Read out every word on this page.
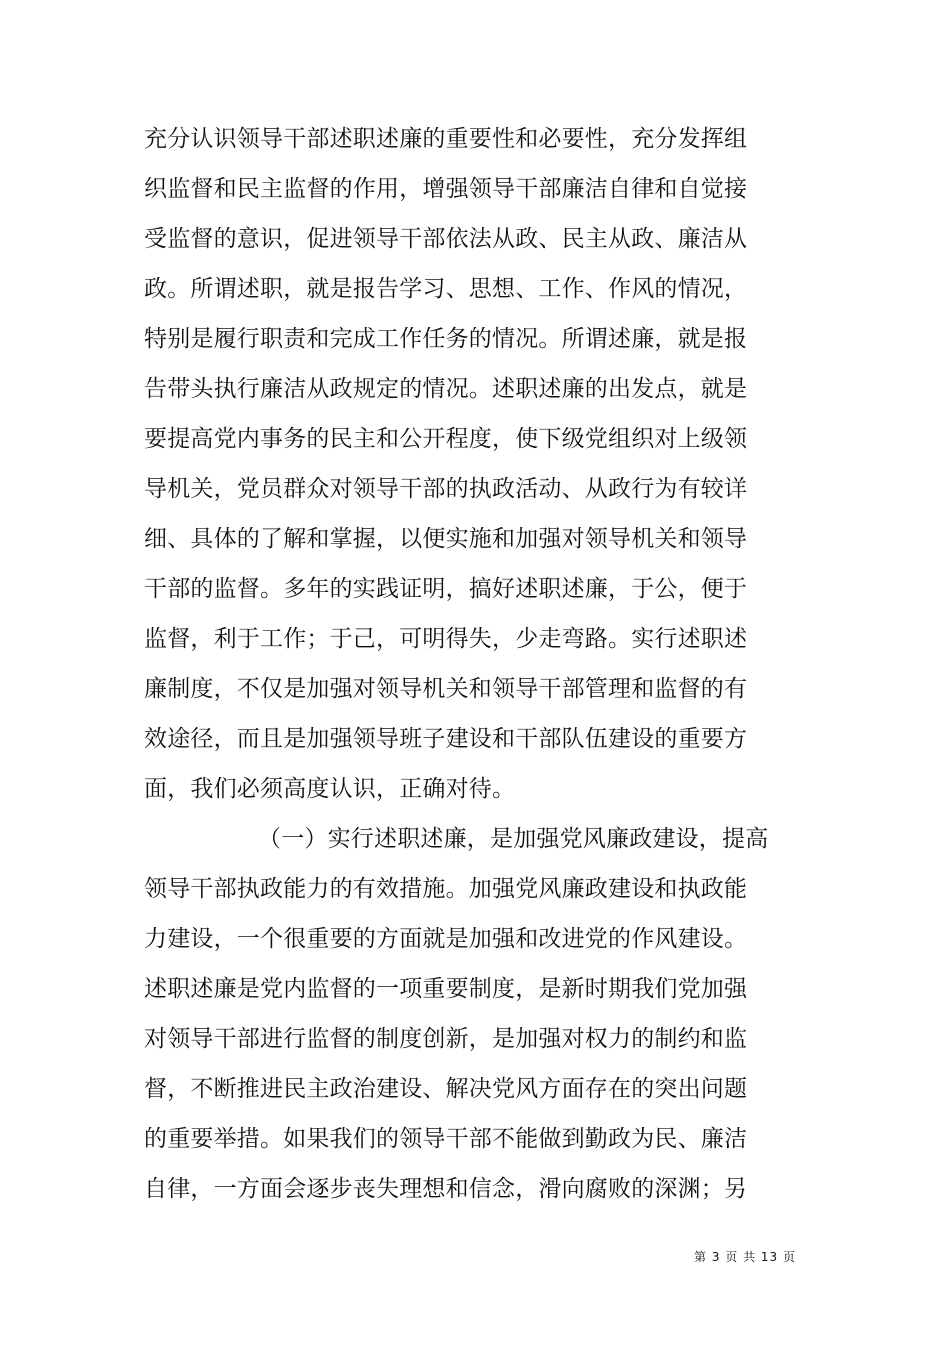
充分认识领导干部述职述廉的重要性和必要性，充分发挥组
织监督和民主监督的作用，增强领导干部廉洁自律和自觉接
受监督的意识，促进领导干部依法从政、民主从政、廉洁从
政。所谓述职，就是报告学习、思想、工作、作风的情况，
特别是履行职责和完成工作任务的情况。所谓述廉，就是报
告带头执行廉洁从政规定的情况。述职述廉的出发点，就是
要提高党内事务的民主和公开程度，使下级党组织对上级领
导机关，党员群众对领导干部的执政活动、从政行为有较详
细、具体的了解和掌握，以便实施和加强对领导机关和领导
干部的监督。多年的实践证明，搞好述职述廉，于公，便于
监督，利于工作；于己，可明得失，少走弯路。实行述职述
廉制度，不仅是加强对领导机关和领导干部管理和监督的有
效途径，而且是加强领导班子建设和干部队伍建设的重要方
面，我们必须高度认识，正确对待。
（一）实行述职述廉，是加强党风廉政建设，提高
领导干部执政能力的有效措施。加强党风廉政建设和执政能
力建设，一个很重要的方面就是加强和改进党的作风建设。
述职述廉是党内监督的一项重要制度，是新时期我们党加强
对领导干部进行监督的制度创新，是加强对权力的制约和监
督，不断推进民主政治建设、解决党风方面存在的突出问题
的重要举措。如果我们的领导干部不能做到勤政为民、廉洁
自律，一方面会逐步丧失理想和信念，滑向腐败的深渊；另
第 3 页 共 13 页
